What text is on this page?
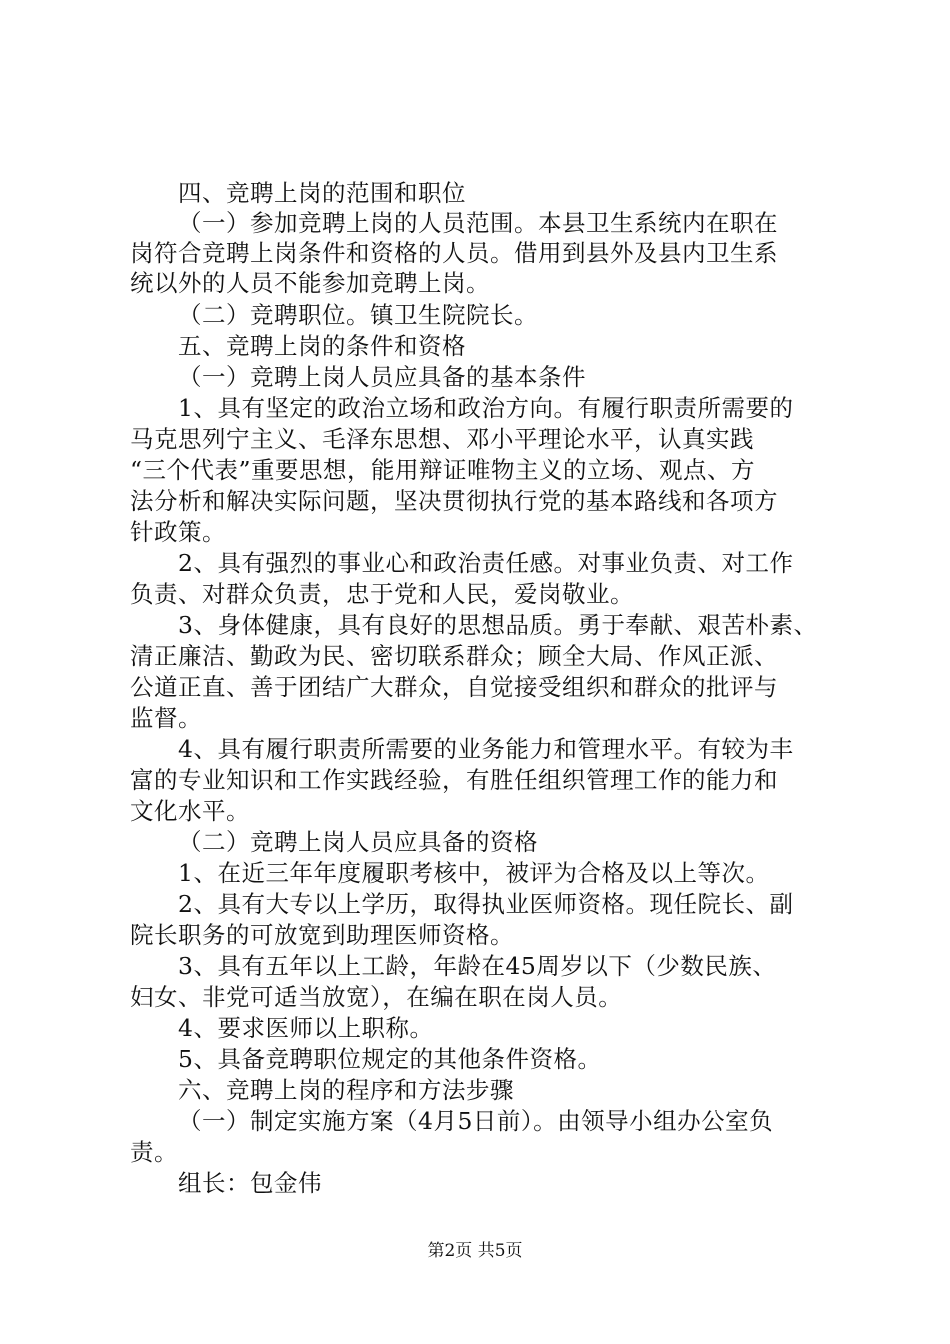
四、竞聘上岗的范围和职位
（一）参加竞聘上岗的人员范围。本县卫生系统内在职在
岗符合竞聘上岗条件和资格的人员。借用到县外及县内卫生系
统以外的人员不能参加竞聘上岗。
（二）竞聘职位。镇卫生院院长。
五、竞聘上岗的条件和资格
（一）竞聘上岗人员应具备的基本条件
1、具有坚定的政治立场和政治方向。有履行职责所需要的
马克思列宁主义、毛泽东思想、邓小平理论水平，认真实践
“三个代表”重要思想，能用辩证唯物主义的立场、观点、方
法分析和解决实际问题，坚决贯彻执行党的基本路线和各项方
针政策。
2、具有强烈的事业心和政治责任感。对事业负责、对工作
负责、对群众负责，忠于党和人民，爱岗敬业。
3、身体健康，具有良好的思想品质。勇于奉献、艰苦朴素、
清正廉洁、勤政为民、密切联系群众；顾全大局、作风正派、
公道正直、善于团结广大群众，自觉接受组织和群众的批评与
监督。
4、具有履行职责所需要的业务能力和管理水平。有较为丰
富的专业知识和工作实践经验，有胜任组织管理工作的能力和
文化水平。
（二）竞聘上岗人员应具备的资格
1、在近三年年度履职考核中，被评为合格及以上等次。
2、具有大专以上学历，取得执业医师资格。现任院长、副
院长职务的可放宽到助理医师资格。
3、具有五年以上工龄，年龄在45周岁以下（少数民族、
妇女、非党可适当放宽），在编在职在岗人员。
4、要求医师以上职称。
5、具备竞聘职位规定的其他条件资格。
六、竞聘上岗的程序和方法步骤
（一）制定实施方案（4月5日前）。由领导小组办公室负
责。
组长：包金伟
第2页 共5页
